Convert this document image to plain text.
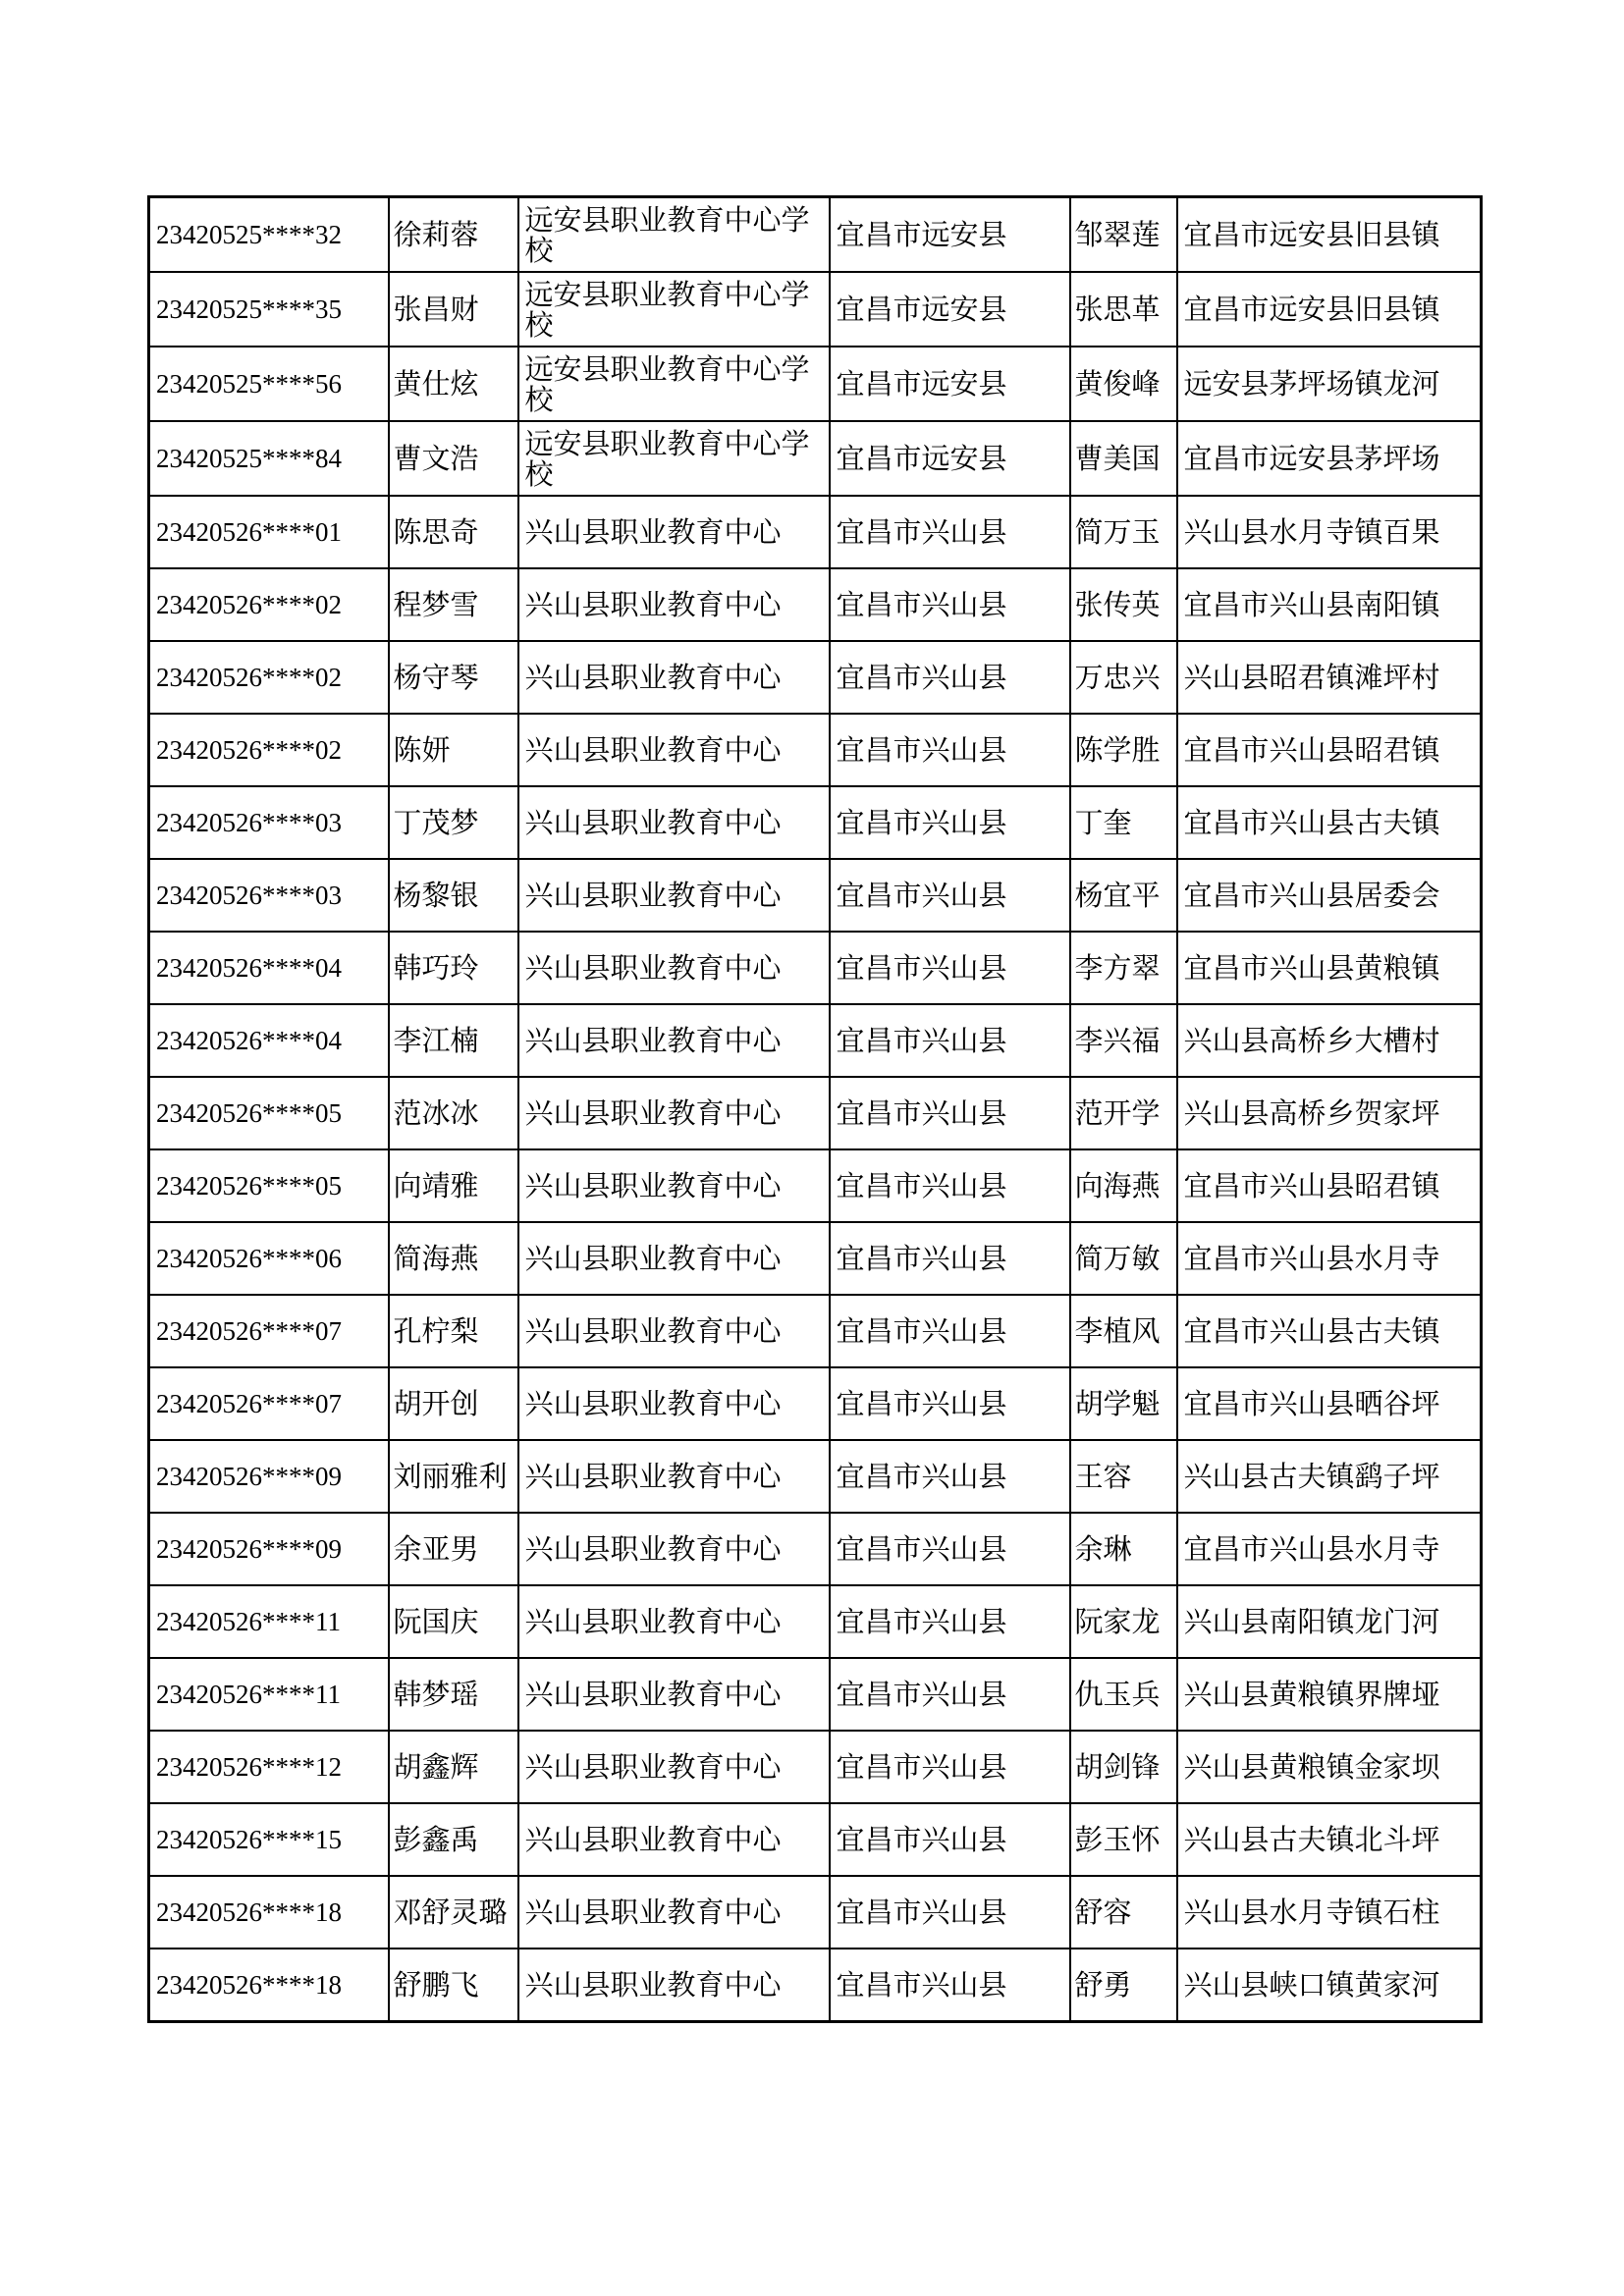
23420525****32	徐莉蓉	远安县职业教育中心学校	宜昌市远安县	邹翠莲	宜昌市远安县旧县镇
23420525****35	张昌财	远安县职业教育中心学校	宜昌市远安县	张思革	宜昌市远安县旧县镇
23420525****56	黄仕炫	远安县职业教育中心学校	宜昌市远安县	黄俊峰	远安县茅坪场镇龙河
23420525****84	曹文浩	远安县职业教育中心学校	宜昌市远安县	曹美国	宜昌市远安县茅坪场
23420526****01	陈思奇	兴山县职业教育中心	宜昌市兴山县	简万玉	兴山县水月寺镇百果
23420526****02	程梦雪	兴山县职业教育中心	宜昌市兴山县	张传英	宜昌市兴山县南阳镇
23420526****02	杨守琴	兴山县职业教育中心	宜昌市兴山县	万忠兴	兴山县昭君镇滩坪村
23420526****02	陈妍	兴山县职业教育中心	宜昌市兴山县	陈学胜	宜昌市兴山县昭君镇
23420526****03	丁茂梦	兴山县职业教育中心	宜昌市兴山县	丁奎	宜昌市兴山县古夫镇
23420526****03	杨黎银	兴山县职业教育中心	宜昌市兴山县	杨宜平	宜昌市兴山县居委会
23420526****04	韩巧玲	兴山县职业教育中心	宜昌市兴山县	李方翠	宜昌市兴山县黄粮镇
23420526****04	李江楠	兴山县职业教育中心	宜昌市兴山县	李兴福	兴山县高桥乡大槽村
23420526****05	范冰冰	兴山县职业教育中心	宜昌市兴山县	范开学	兴山县高桥乡贺家坪
23420526****05	向靖雅	兴山县职业教育中心	宜昌市兴山县	向海燕	宜昌市兴山县昭君镇
23420526****06	简海燕	兴山县职业教育中心	宜昌市兴山县	简万敏	宜昌市兴山县水月寺
23420526****07	孔柠梨	兴山县职业教育中心	宜昌市兴山县	李植风	宜昌市兴山县古夫镇
23420526****07	胡开创	兴山县职业教育中心	宜昌市兴山县	胡学魁	宜昌市兴山县晒谷坪
23420526****09	刘丽雅利	兴山县职业教育中心	宜昌市兴山县	王容	兴山县古夫镇鹞子坪
23420526****09	余亚男	兴山县职业教育中心	宜昌市兴山县	余琳	宜昌市兴山县水月寺
23420526****11	阮国庆	兴山县职业教育中心	宜昌市兴山县	阮家龙	兴山县南阳镇龙门河
23420526****11	韩梦瑶	兴山县职业教育中心	宜昌市兴山县	仇玉兵	兴山县黄粮镇界牌垭
23420526****12	胡鑫辉	兴山县职业教育中心	宜昌市兴山县	胡剑锋	兴山县黄粮镇金家坝
23420526****15	彭鑫禹	兴山县职业教育中心	宜昌市兴山县	彭玉怀	兴山县古夫镇北斗坪
23420526****18	邓舒灵璐	兴山县职业教育中心	宜昌市兴山县	舒容	兴山县水月寺镇石柱
23420526****18	舒鹏飞	兴山县职业教育中心	宜昌市兴山县	舒勇	兴山县峡口镇黄家河
